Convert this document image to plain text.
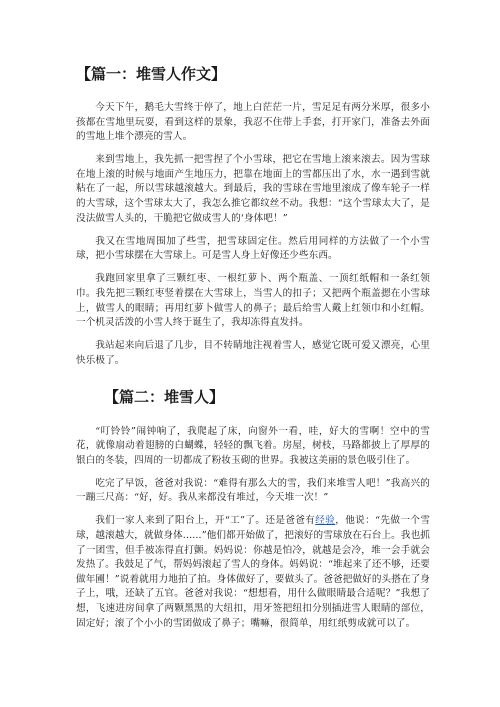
【篇一：堆雪人作文】

今天下午，鹅毛大雪终于停了，地上白茫茫一片，雪足足有两分米厚，很多小孩都在雪地里玩耍，看到这样的景象，我忍不住带上手套，打开家门，准备去外面的雪地上堆个漂亮的雪人。

来到雪地上，我先抓一把雪捏了个小雪球，把它在雪地上滚来滚去。因为雪球在地上滚的时候与地面产生地压力，把靠在地面上的雪都压出了水，水一遇到雪就粘在了一起，所以雪球越滚越大。到最后，我的雪球在雪地里滚成了像车轮子一样的大雪球，这个雪球太大了，我怎么推它都纹丝不动。我想：“这个雪球太大了，是没法做雪人头的，干脆把它做成雪人的‘身体吧！”

我又在雪地周围加了些雪，把雪球固定住。然后用同样的方法做了一个小雪球，把小雪球摆在大雪球上。可是雪人身上好像还少些东西。

我跑回家里拿了三颗红枣、一根红萝卜、两个瓶盖、一顶红纸帽和一条红领巾。我先把三颗红枣竖着摆在大雪球上，当雪人的扣子；又把两个瓶盖摁在小雪球上，做雪人的眼睛；再用红萝卜做雪人的鼻子；最后给雪人戴上红领巾和小红帽。一个机灵活泼的小雪人终于诞生了，我却冻得直发抖。

我站起来向后退了几步，目不转睛地注视着雪人，感觉它既可爱又漂亮，心里快乐极了。

【篇二：堆雪人】

“叮铃铃”闹钟响了，我爬起了床，向窗外一看，哇，好大的雪啊！空中的雪花，就像扇动着翅膀的白蝴蝶，轻轻的飘飞着。房屋，树枝，马路都披上了厚厚的银白的冬装，四周的一切都成了粉妆玉砌的世界。我被这美丽的景色吸引住了。

吃完了早饭，爸爸对我说：“难得有那么大的雪，我们来堆雪人吧！”我高兴的一蹦三尺高：“好，好。我从来都没有堆过，今天堆一次！”

我们一家人来到了阳台上，开“工”了。还是爸爸有经验，他说：“先做一个雪球，越滚越大，就做身体......”他们都开始做了，把滚好的雪球放在石台上。我也抓了一团雪，但手被冻得直打颤。妈妈说：你越是怕冷，就越是会冷，堆一会手就会发热了。我鼓足了气，帮妈妈滚起了雪人的身体。妈妈说：“堆起来了还不够，还要做年圃！”说着就用力地拍了拍。身体做好了，要做头了。爸爸把做好的头搭在了身子上，哦，还缺了五官。爸爸对我说：“想想看，用什么做眼睛最合适呢？”我想了想，飞速进房间拿了两颗黑黑的大纽扣，用牙签把纽扣分别插进雪人眼睛的部位，固定好；滚了个小小的雪团做成了鼻子；嘴嘛，很简单，用红纸剪成就可以了。
